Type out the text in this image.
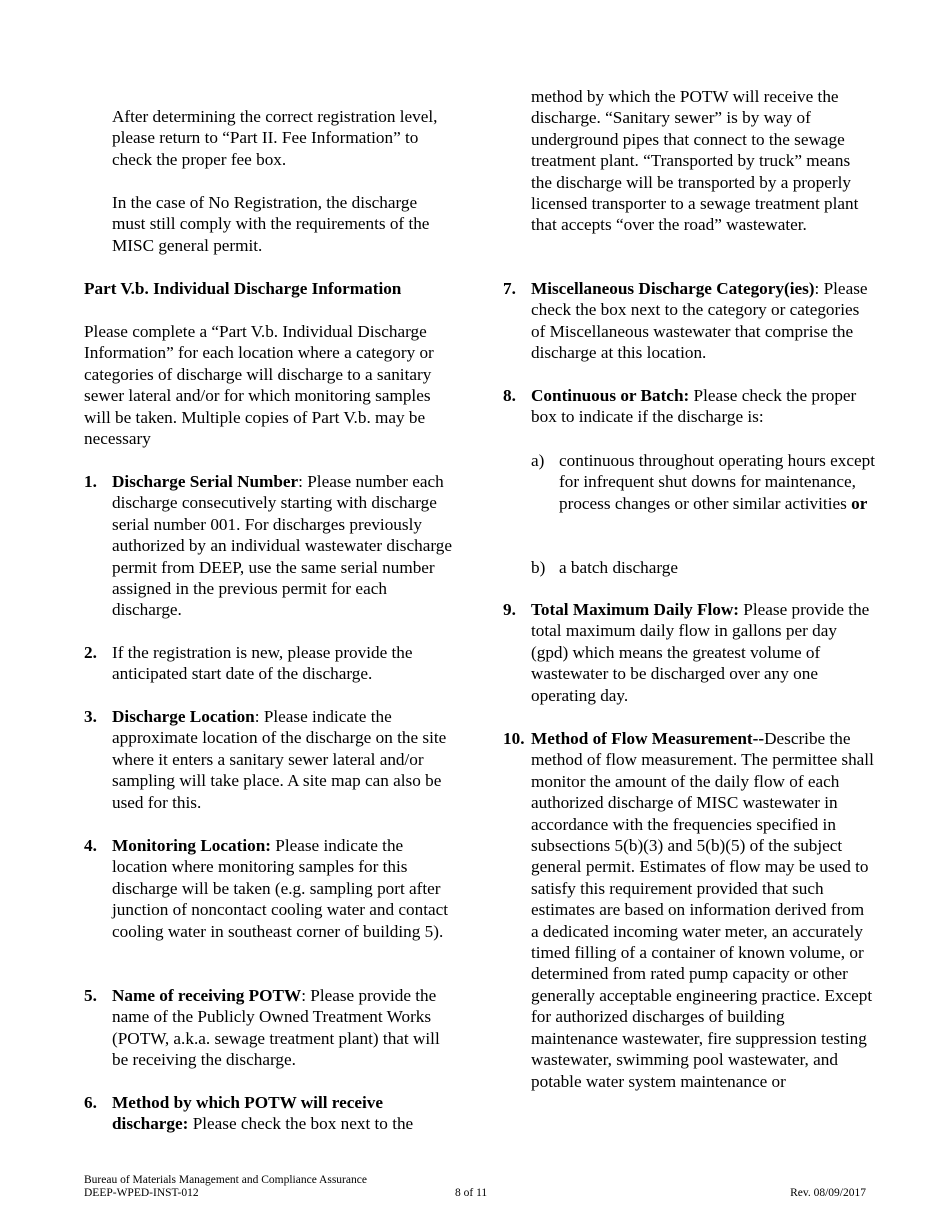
After determining the correct registration level, please return to “Part II. Fee Information” to check the proper fee box.

In the case of No Registration, the discharge must still comply with the requirements of the MISC general permit.

Part V.b. Individual Discharge Information

Please complete a “Part V.b. Individual Discharge Information” for each location where a category or categories of discharge will discharge to a sanitary sewer lateral and/or for which monitoring samples will be taken. Multiple copies of Part V.b. may be necessary

1. Discharge Serial Number: Please number each discharge consecutively starting with discharge serial number 001. For discharges previously authorized by an individual wastewater discharge permit from DEEP, use the same serial number assigned in the previous permit for each discharge.
2. If the registration is new, please provide the anticipated start date of the discharge.
3. Discharge Location: Please indicate the approximate location of the discharge on the site where it enters a sanitary sewer lateral and/or sampling will take place. A site map can also be used for this.
4. Monitoring Location: Please indicate the location where monitoring samples for this discharge will be taken (e.g. sampling port after junction of noncontact cooling water and contact cooling water in southeast corner of building 5).
5. Name of receiving POTW: Please provide the name of the Publicly Owned Treatment Works (POTW, a.k.a. sewage treatment plant) that will be receiving the discharge.
6. Method by which POTW will receive discharge: Please check the box next to the

method by which the POTW will receive the discharge. “Sanitary sewer” is by way of underground pipes that connect to the sewage treatment plant. “Transported by truck” means the discharge will be transported by a properly licensed transporter to a sewage treatment plant that accepts “over the road” wastewater.

7. Miscellaneous Discharge Category(ies): Please check the box next to the category or categories of Miscellaneous wastewater that comprise the discharge at this location.
8. Continuous or Batch: Please check the proper box to indicate if the discharge is:
a) continuous throughout operating hours except for infrequent shut downs for maintenance, process changes or other similar activities or
b) a batch discharge
9. Total Maximum Daily Flow: Please provide the total maximum daily flow in gallons per day (gpd) which means the greatest volume of wastewater to be discharged over any one operating day.
10. Method of Flow Measurement--Describe the method of flow measurement. The permittee shall monitor the amount of the daily flow of each authorized discharge of MISC wastewater in accordance with the frequencies specified in subsections 5(b)(3) and 5(b)(5) of the subject general permit. Estimates of flow may be used to satisfy this requirement provided that such estimates are based on information derived from a dedicated incoming water meter, an accurately timed filling of a container of known volume, or determined from rated pump capacity or other generally acceptable engineering practice. Except for authorized discharges of building maintenance wastewater, fire suppression testing wastewater, swimming pool wastewater, and potable water system maintenance or
Bureau of Materials Management and Compliance Assurance
DEEP-WPED-INST-012	8 of 11	Rev. 08/09/2017
